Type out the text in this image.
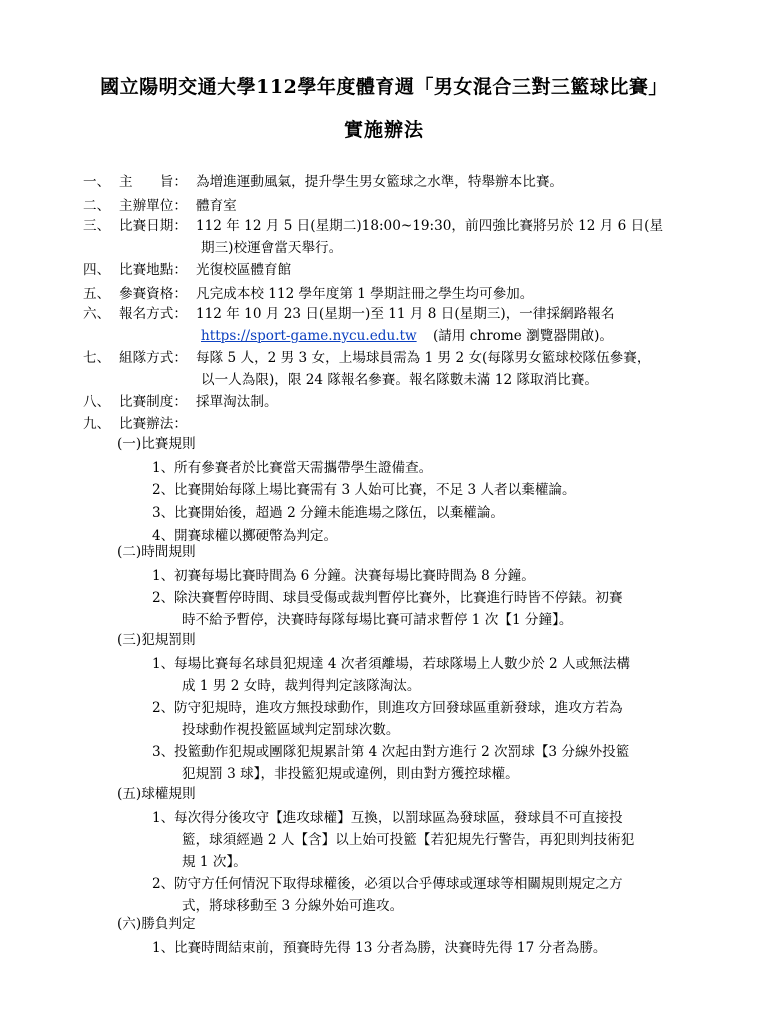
國立陽明交通大學112學年度體育週「男女混合三對三籃球比賽」
實施辦法
一、 主　　旨： 為增進運動風氣，提升學生男女籃球之水準，特舉辦本比賽。
二、 主辦單位： 體育室
三、 比賽日期： 112 年 12 月 5 日(星期二)18:00~19:30，前四強比賽將另於 12 月 6 日(星
期三)校運會當天舉行。
四、 比賽地點： 光復校區體育館
五、 參賽資格： 凡完成本校 112 學年度第 1 學期註冊之學生均可參加。
六、 報名方式： 112 年 10 月 23 日(星期一)至 11 月 8 日(星期三)，一律採網路報名
https://sport-game.nycu.edu.tw (請用 chrome 瀏覽器開啟)。
七、 組隊方式： 每隊 5 人，2 男 3 女，上場球員需為 1 男 2 女(每隊男女籃球校隊伍參賽，
以一人為限)，限 24 隊報名參賽。報名隊數未滿 12 隊取消比賽。
八、 比賽制度： 採單淘汰制。
九、 比賽辦法：
(一)比賽規則
1、 所有參賽者於比賽當天需攜帶學生證備查。
2、 比賽開始每隊上場比賽需有 3 人始可比賽，不足 3 人者以棄權論。
3、 比賽開始後，超過 2 分鐘未能進場之隊伍，以棄權論。
4、 開賽球權以擲硬幣為判定。
(二)時間規則
1、 初賽每場比賽時間為 6 分鐘。決賽每場比賽時間為 8 分鐘。
2、 除決賽暫停時間、球員受傷或裁判暫停比賽外，比賽進行時皆不停錶。初賽
時不給予暫停，決賽時每隊每場比賽可請求暫停 1 次【1 分鐘】。
(三)犯規罰則
1、 每場比賽每名球員犯規達 4 次者須離場，若球隊場上人數少於 2 人或無法構
成 1 男 2 女時，裁判得判定該隊淘汰。
2、 防守犯規時，進攻方無投球動作，則進攻方回發球區重新發球，進攻方若為
投球動作視投籃區域判定罰球次數。
3、 投籃動作犯規或團隊犯規累計第 4 次起由對方進行 2 次罰球【3 分線外投籃
犯規罰 3 球】，非投籃犯規或違例，則由對方獲控球權。
(五)球權規則
1、 每次得分後攻守【進攻球權】互換，以罰球區為發球區，發球員不可直接投
籃，球須經過 2 人【含】以上始可投籃【若犯規先行警告，再犯則判技術犯
規 1 次】。
2、 防守方任何情況下取得球權後，必須以合乎傳球或運球等相關規則規定之方
式，將球移動至 3 分線外始可進攻。
(六)勝負判定
1、 比賽時間結束前，預賽時先得 13 分者為勝，決賽時先得 17 分者為勝。
